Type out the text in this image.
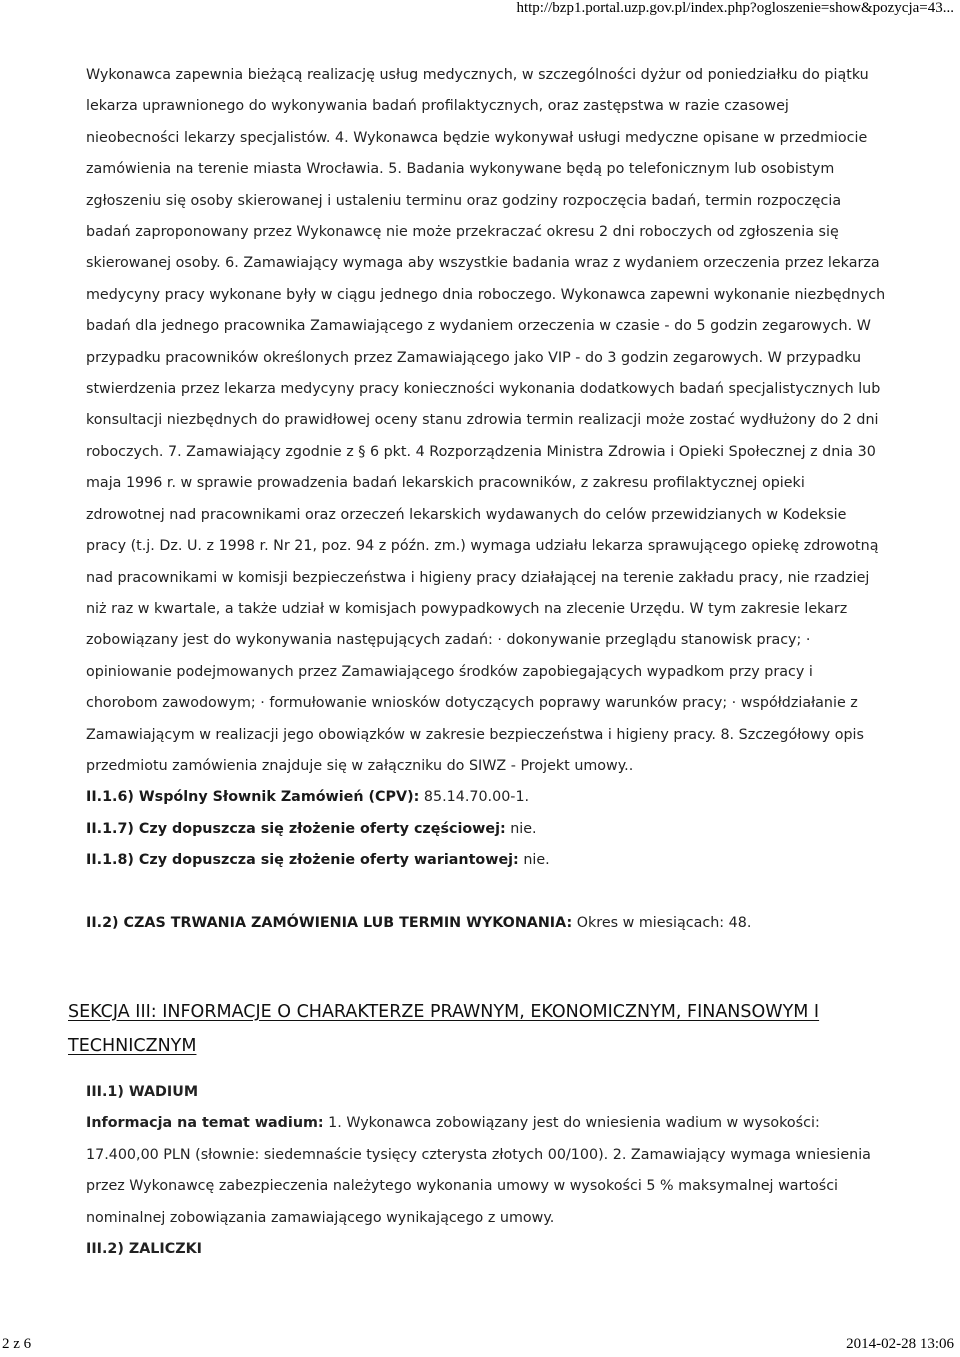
http://bzp1.portal.uzp.gov.pl/index.php?ogloszenie=show&pozycja=43...

Wykonawca zapewnia bieżącą realizację usług medycznych, w szczególności dyżur od poniedziałku do piątku lekarza uprawnionego do wykonywania badań profilaktycznych, oraz zastępstwa w razie czasowej nieobecności lekarzy specjalistów. 4. Wykonawca będzie wykonywał usługi medyczne opisane w przedmiocie zamówienia na terenie miasta Wrocławia. 5. Badania wykonywane będą po telefonicznym lub osobistym zgłoszeniu się osoby skierowanej i ustaleniu terminu oraz godziny rozpoczęcia badań, termin rozpoczęcia badań zaproponowany przez Wykonawcę nie może przekraczać okresu 2 dni roboczych od zgłoszenia się skierowanej osoby. 6. Zamawiający wymaga aby wszystkie badania wraz z wydaniem orzeczenia przez lekarza medycyny pracy wykonane były w ciągu jednego dnia roboczego. Wykonawca zapewni wykonanie niezbędnych badań dla jednego pracownika Zamawiającego z wydaniem orzeczenia w czasie - do 5 godzin zegarowych. W przypadku pracowników określonych przez Zamawiającego jako VIP - do 3 godzin zegarowych. W przypadku stwierdzenia przez lekarza medycyny pracy konieczności wykonania dodatkowych badań specjalistycznych lub konsultacji niezbędnych do prawidłowej oceny stanu zdrowia termin realizacji może zostać wydłużony do 2 dni roboczych. 7. Zamawiający zgodnie z § 6 pkt. 4 Rozporządzenia Ministra Zdrowia i Opieki Społecznej z dnia 30 maja 1996 r. w sprawie prowadzenia badań lekarskich pracowników, z zakresu profilaktycznej opieki zdrowotnej nad pracownikami oraz orzeczeń lekarskich wydawanych do celów przewidzianych w Kodeksie pracy (t.j. Dz. U. z 1998 r. Nr 21, poz. 94 z późn. zm.) wymaga udziału lekarza sprawującego opiekę zdrowotną nad pracownikami w komisji bezpieczeństwa i higieny pracy działającej na terenie zakładu pracy, nie rzadziej niż raz w kwartale, a także udział w komisjach powypadkowych na zlecenie Urzędu. W tym zakresie lekarz zobowiązany jest do wykonywania następujących zadań: · dokonywanie przeglądu stanowisk pracy; · opiniowanie podejmowanych przez Zamawiającego środków zapobiegających wypadkom przy pracy i chorobom zawodowym; · formułowanie wniosków dotyczących poprawy warunków pracy; · współdziałanie z Zamawiającym w realizacji jego obowiązków w zakresie bezpieczeństwa i higieny pracy. 8. Szczegółowy opis przedmiotu zamówienia znajduje się w załączniku do SIWZ - Projekt umowy..

II.1.6) Wspólny Słownik Zamówień (CPV): 85.14.70.00-1.

II.1.7) Czy dopuszcza się złożenie oferty częściowej: nie.

II.1.8) Czy dopuszcza się złożenie oferty wariantowej: nie.

II.2) CZAS TRWANIA ZAMÓWIENIA LUB TERMIN WYKONANIA: Okres w miesiącach: 48.

SEKCJA III: INFORMACJE O CHARAKTERZE PRAWNYM, EKONOMICZNYM, FINANSOWYM I TECHNICZNYM

III.1) WADIUM

Informacja na temat wadium: 1. Wykonawca zobowiązany jest do wniesienia wadium w wysokości: 17.400,00 PLN (słownie: siedemnaście tysięcy czterysta złotych 00/100). 2. Zamawiający wymaga wniesienia przez Wykonawcę zabezpieczenia należytego wykonania umowy w wysokości 5 % maksymalnej wartości nominalnej zobowiązania zamawiającego wynikającego z umowy.

III.2) ZALICZKI

2 z 6	2014-02-28 13:06
